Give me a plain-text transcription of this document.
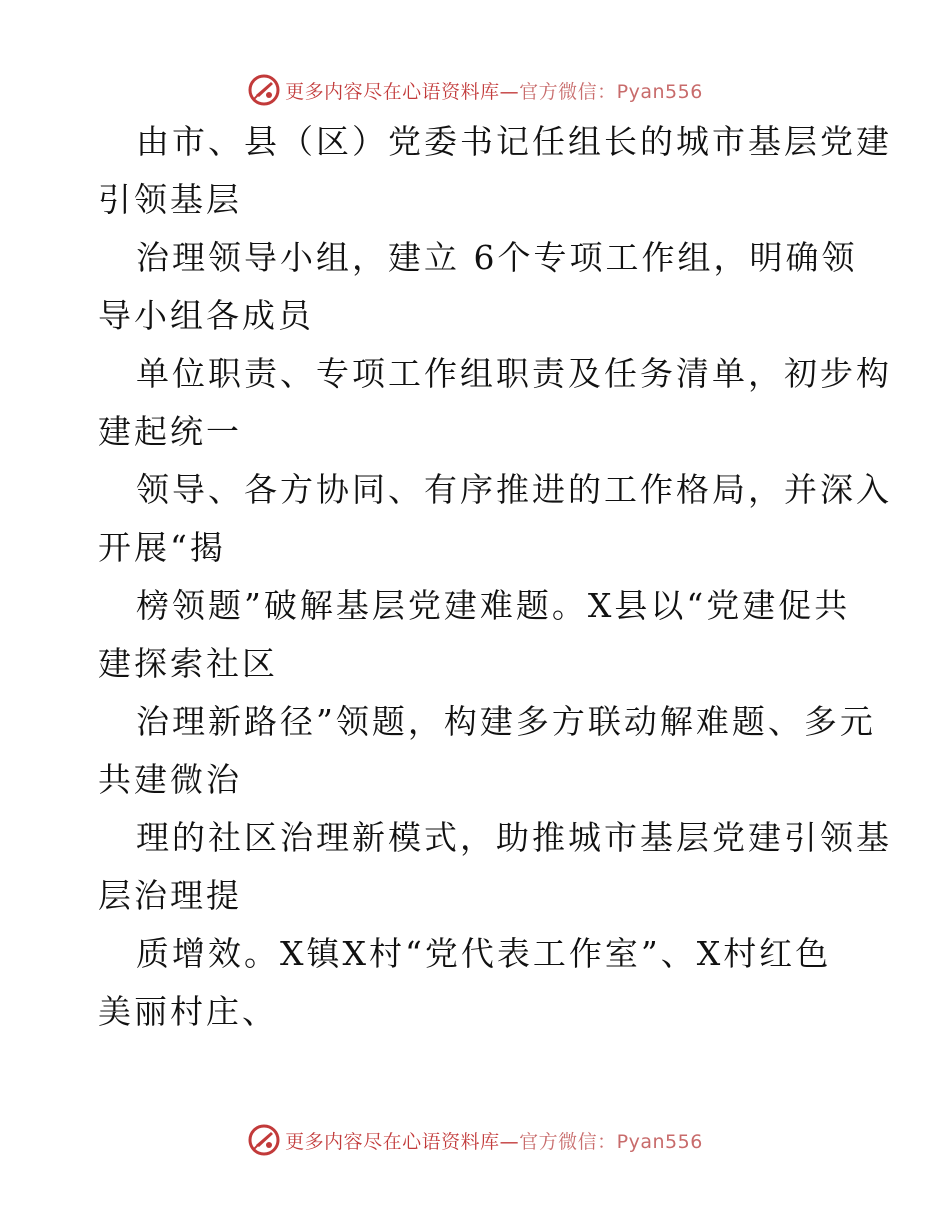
更多内容尽在心语资料库—官方微信：Pyan556
由市、县（区）党委书记任组长的城市基层党建
引领基层
治理领导小组，建立 6个专项工作组，明确领
导小组各成员
单位职责、专项工作组职责及任务清单，初步构
建起统一
领导、各方协同、有序推进的工作格局，并深入
开展“揭
榜领题”破解基层党建难题。X县以“党建促共
建探索社区
治理新路径”领题，构建多方联动解难题、多元
共建微治
理的社区治理新模式，助推城市基层党建引领基
层治理提
质增效。X镇X村“党代表工作室”、X村红色
美丽村庄、
更多内容尽在心语资料库—官方微信：Pyan556
